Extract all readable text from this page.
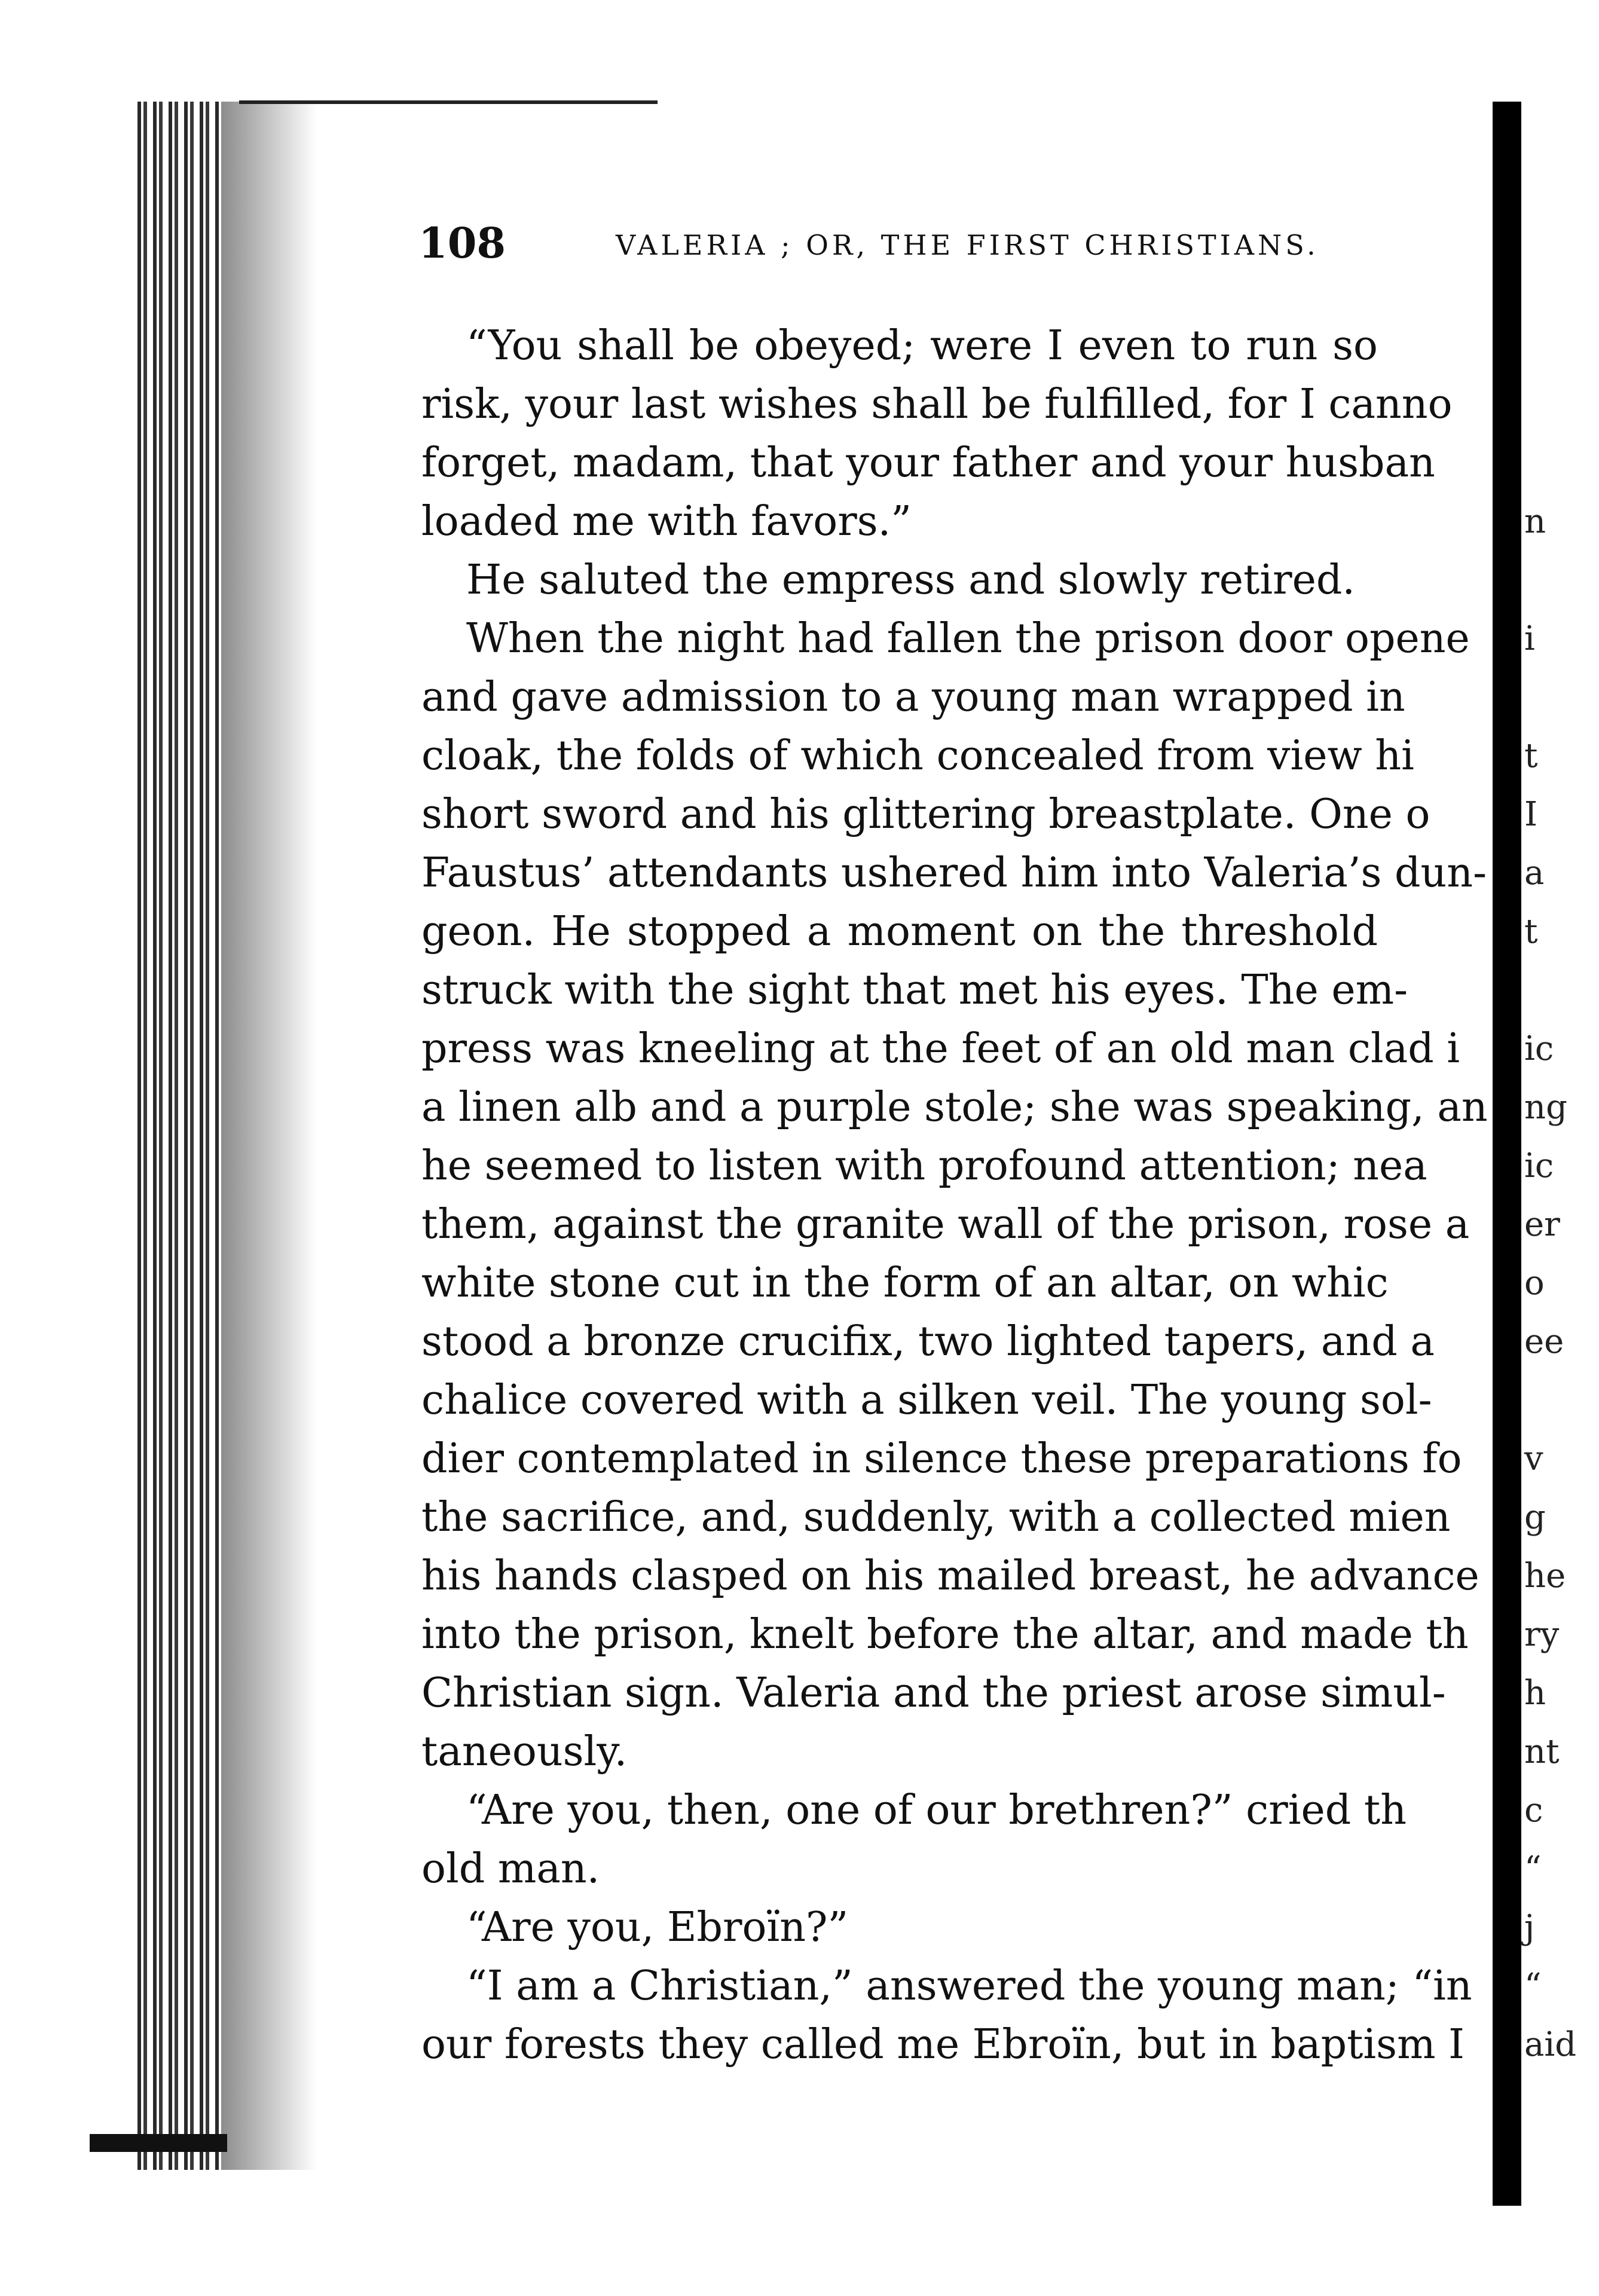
108	VALERIA ; OR, THE FIRST CHRISTIANS.
“You shall be obeyed; were I even to run so
risk, your last wishes shall be fulfilled, for I canno
forget, madam, that your father and your husban
loaded me with favors.”
He saluted the empress and slowly retired.
When the night had fallen the prison door opene
and gave admission to a young man wrapped in
cloak, the folds of which concealed from view hi
short sword and his glittering breastplate. One o
Faustus’ attendants ushered him into Valeria’s dun-
geon. He stopped a moment on the threshold
struck with the sight that met his eyes. The em-
press was kneeling at the feet of an old man clad i
a linen alb and a purple stole; she was speaking, an
he seemed to listen with profound attention; nea
them, against the granite wall of the prison, rose a
white stone cut in the form of an altar, on whic
stood a bronze crucifix, two lighted tapers, and a
chalice covered with a silken veil. The young sol-
dier contemplated in silence these preparations fo
the sacrifice, and, suddenly, with a collected mien
his hands clasped on his mailed breast, he advance
into the prison, knelt before the altar, and made th
Christian sign. Valeria and the priest arose simul-
taneously.
“Are you, then, one of our brethren?” cried th
old man.
“Are you, Ebroïn?”
“I am a Christian,” answered the young man; “in
our forests they called me Ebroïn, but in baptism I
n
i
t
I
a
t
ic
ng
ic
er
o
ee
v
g
he
ry
h
nt
c
“
j
“
aid
